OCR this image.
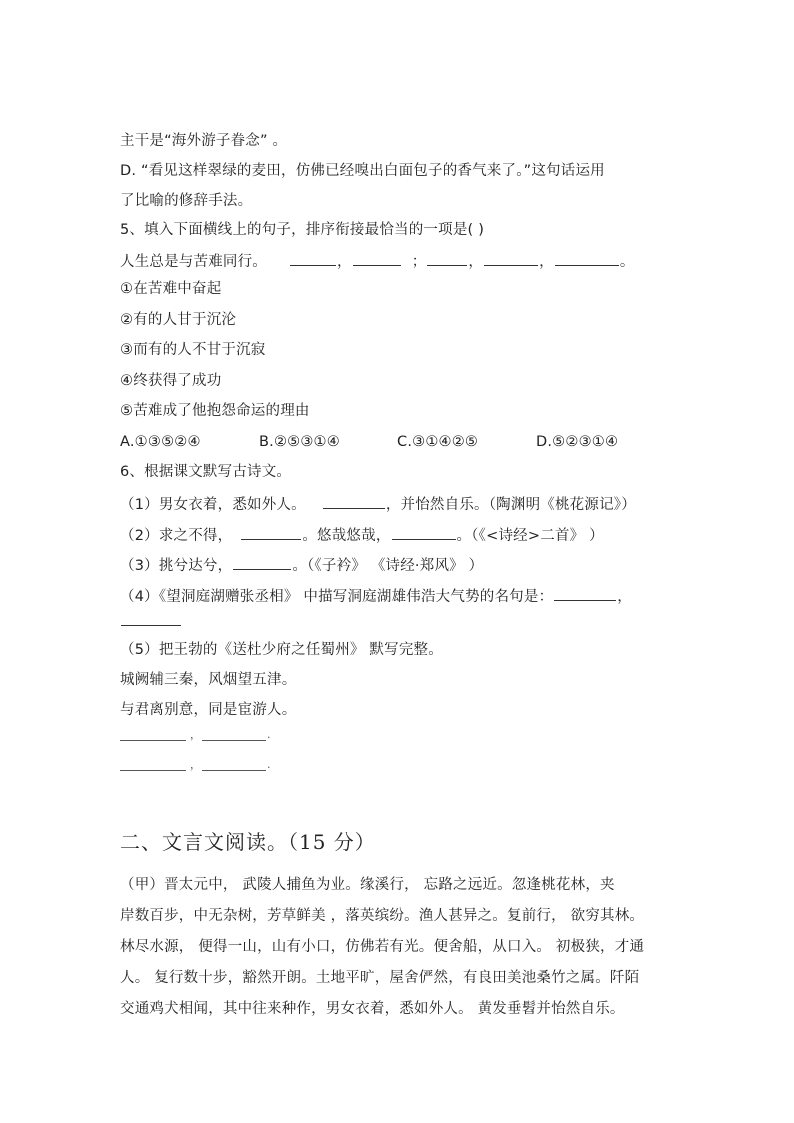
主干是“海外游子眷念” 。
D. “看见这样翠绿的麦田，仿佛已经嗅出白面包子的香气来了。”这句话运用
了比喻的修辞手法。
5、填入下面横线上的句子，排序衔接最恰当的一项是( )
人生总是与苦难同行。	，	；	，	，	。
①在苦难中奋起
②有的人甘于沉沦
③而有的人不甘于沉寂
④终获得了成功
⑤苦难成了他抱怨命运的理由
A.①③⑤②④	B.②⑤③①④	C.③①④②⑤	D.⑤②③①④
6、根据课文默写古诗文。
（1）男女衣着，悉如外人。	，并怡然自乐。（陶渊明《桃花源记》）
（2）求之不得，	。悠哉悠哉，	。（《<诗经>二首》 ）
（3）挑兮达兮，	。（《子衿》 《诗经·郑风》 ）
（4）《望洞庭湖赠张丞相》 中描写洞庭湖雄伟浩大气势的名句是：	，
（5）把王勃的《送杜少府之任蜀州》 默写完整。
城阙辅三秦，风烟望五津。
与君离别意，同是宦游人。
，	.
，	.
二、文言文阅读。（15 分）
（甲）晋太元中， 武陵人捕鱼为业。缘溪行， 忘路之远近。忽逢桃花林，夹
岸数百步，中无杂树，芳草鲜美 ，落英缤纷。渔人甚异之。复前行， 欲穷其林。
林尽水源， 便得一山，山有小口，仿佛若有光。便舍船，从口入。 初极狭，才通
人。 复行数十步，豁然开朗。土地平旷，屋舍俨然，有良田美池桑竹之属。阡陌
交通鸡犬相闻，其中往来种作，男女衣着，悉如外人。 黄发垂髫并怡然自乐。
